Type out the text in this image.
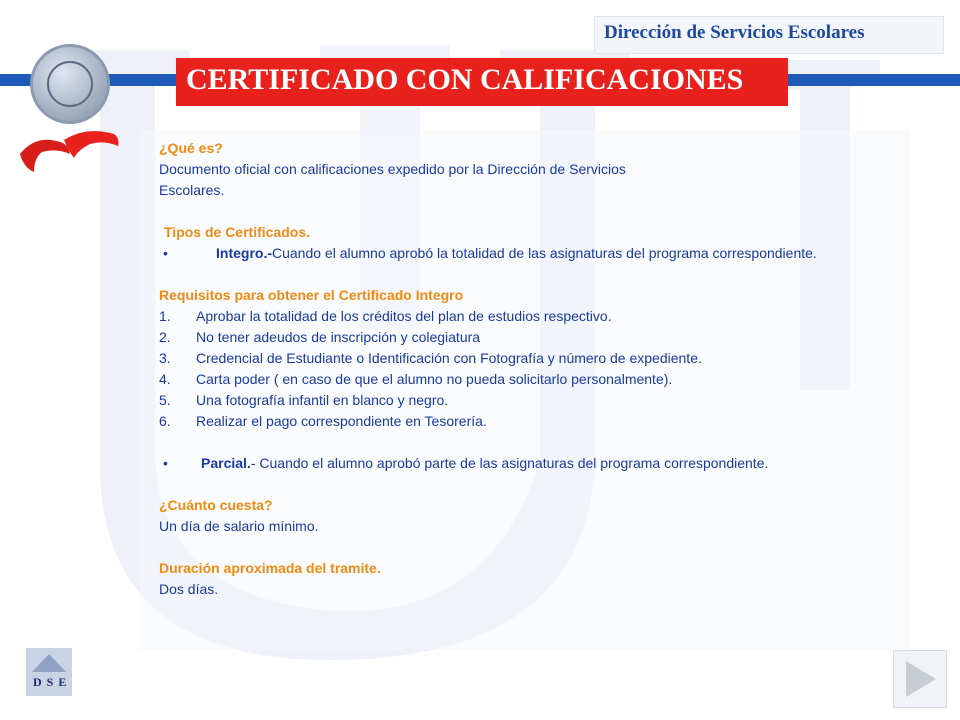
Dirección de Servicios Escolares
CERTIFICADO CON CALIFICACIONES
¿Qué es?
Documento oficial con calificaciones expedido por la Dirección de Servicios
Escolares.
Tipos de Certificados.
•	Integro.- Cuando el alumno aprobó la totalidad de las asignaturas del programa correspondiente.
Requisitos para obtener el Certificado Integro
1.	Aprobar la totalidad de los créditos del plan de estudios respectivo.
2.	No tener adeudos de inscripción y colegiatura
3.	Credencial de Estudiante o Identificación con Fotografía y número de expediente.
4.	Carta poder ( en caso de que el alumno no pueda solicitarlo personalmente).
5.	Una fotografía infantil en blanco y negro.
6.	Realizar el pago correspondiente en Tesorería.
•	Parcial. - Cuando el alumno aprobó parte de las asignaturas del programa correspondiente.
¿Cuánto cuesta?
Un día de salario mínimo.
Duración aproximada del tramite.
Dos días.
D S E
